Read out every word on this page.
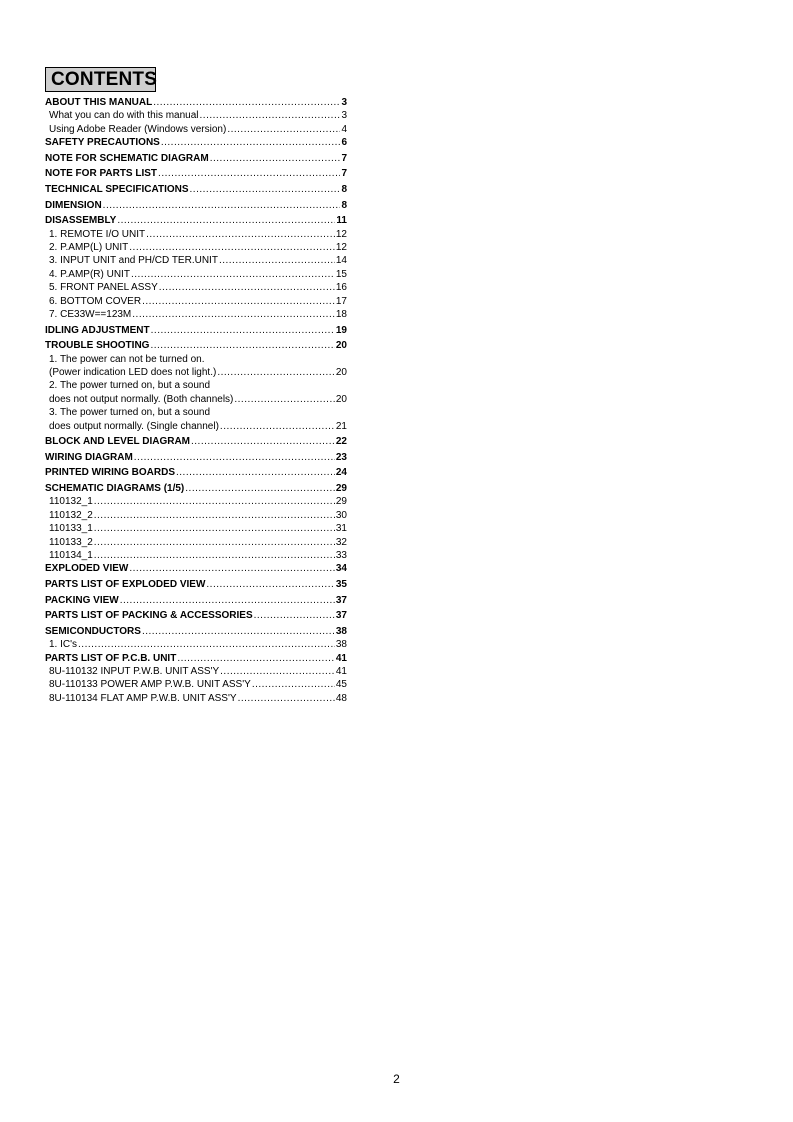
CONTENTS
ABOUT THIS MANUAL .....	3
What you can do with this manual .....	3
Using Adobe Reader (Windows version) .....	4
SAFETY PRECAUTIONS .....	6
NOTE FOR SCHEMATIC DIAGRAM .....	7
NOTE FOR PARTS LIST .....	7
TECHNICAL SPECIFICATIONS .....	8
DIMENSION .....	8
DISASSEMBLY .....	11
1. REMOTE I/O UNIT .....	12
2. P.AMP(L) UNIT .....	12
3. INPUT UNIT and PH/CD TER.UNIT .....	14
4. P.AMP(R) UNIT .....	15
5. FRONT PANEL ASSY .....	16
6. BOTTOM COVER .....	17
7. CE33W==123M .....	18
IDLING ADJUSTMENT .....	19
TROUBLE SHOOTING .....	20
1. The power can not be turned on.
(Power indication LED does not light.) .....	20
2. The power turned on, but a sound
does not output normally. (Both channels) .....	20
3. The power turned on, but a sound
does output normally. (Single channel) .....	21
BLOCK AND LEVEL DIAGRAM .....	22
WIRING DIAGRAM .....	23
PRINTED WIRING BOARDS .....	24
SCHEMATIC DIAGRAMS (1/5) .....	29
110132_1 .....	29
110132_2 .....	30
110133_1 .....	31
110133_2 .....	32
110134_1 .....	33
EXPLODED VIEW .....	34
PARTS LIST OF EXPLODED VIEW .....	35
PACKING VIEW .....	37
PARTS LIST OF PACKING & ACCESSORIES .....	37
SEMICONDUCTORS .....	38
1. IC's .....	38
PARTS LIST OF P.C.B. UNIT .....	41
8U-110132 INPUT P.W.B. UNIT ASS'Y .....	41
8U-110133 POWER AMP P.W.B. UNIT ASS'Y .....	45
8U-110134 FLAT AMP P.W.B. UNIT ASS'Y .....	48
2
